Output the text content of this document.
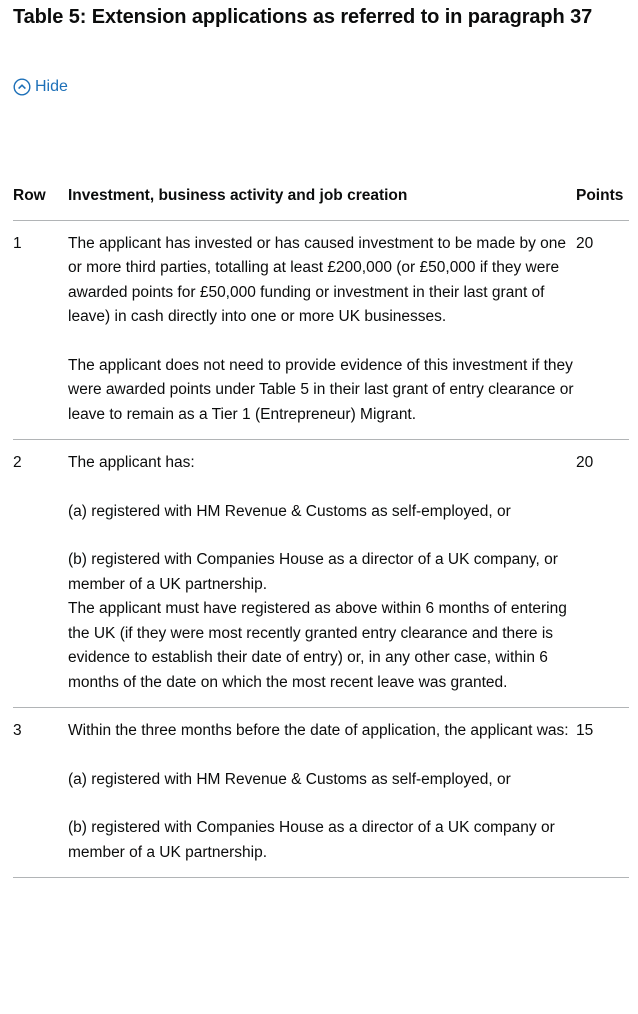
Table 5: Extension applications as referred to in paragraph 37
Hide
Row	Investment, business activity and job creation	Points
1	The applicant has invested or has caused investment to be made by one or more third parties, totalling at least £200,000 (or £50,000 if they were awarded points for £50,000 funding or investment in their last grant of leave) in cash directly into one or more UK businesses.

The applicant does not need to provide evidence of this investment if they were awarded points under Table 5 in their last grant of entry clearance or leave to remain as a Tier 1 (Entrepreneur) Migrant.	20
2	The applicant has:

(a) registered with HM Revenue & Customs as self-employed, or

(b) registered with Companies House as a director of a UK company, or member of a UK partnership.
The applicant must have registered as above within 6 months of entering the UK (if they were most recently granted entry clearance and there is evidence to establish their date of entry) or, in any other case, within 6 months of the date on which the most recent leave was granted.	20
3	Within the three months before the date of application, the applicant was:

(a) registered with HM Revenue & Customs as self-employed, or

(b) registered with Companies House as a director of a UK company or member of a UK partnership.	15
